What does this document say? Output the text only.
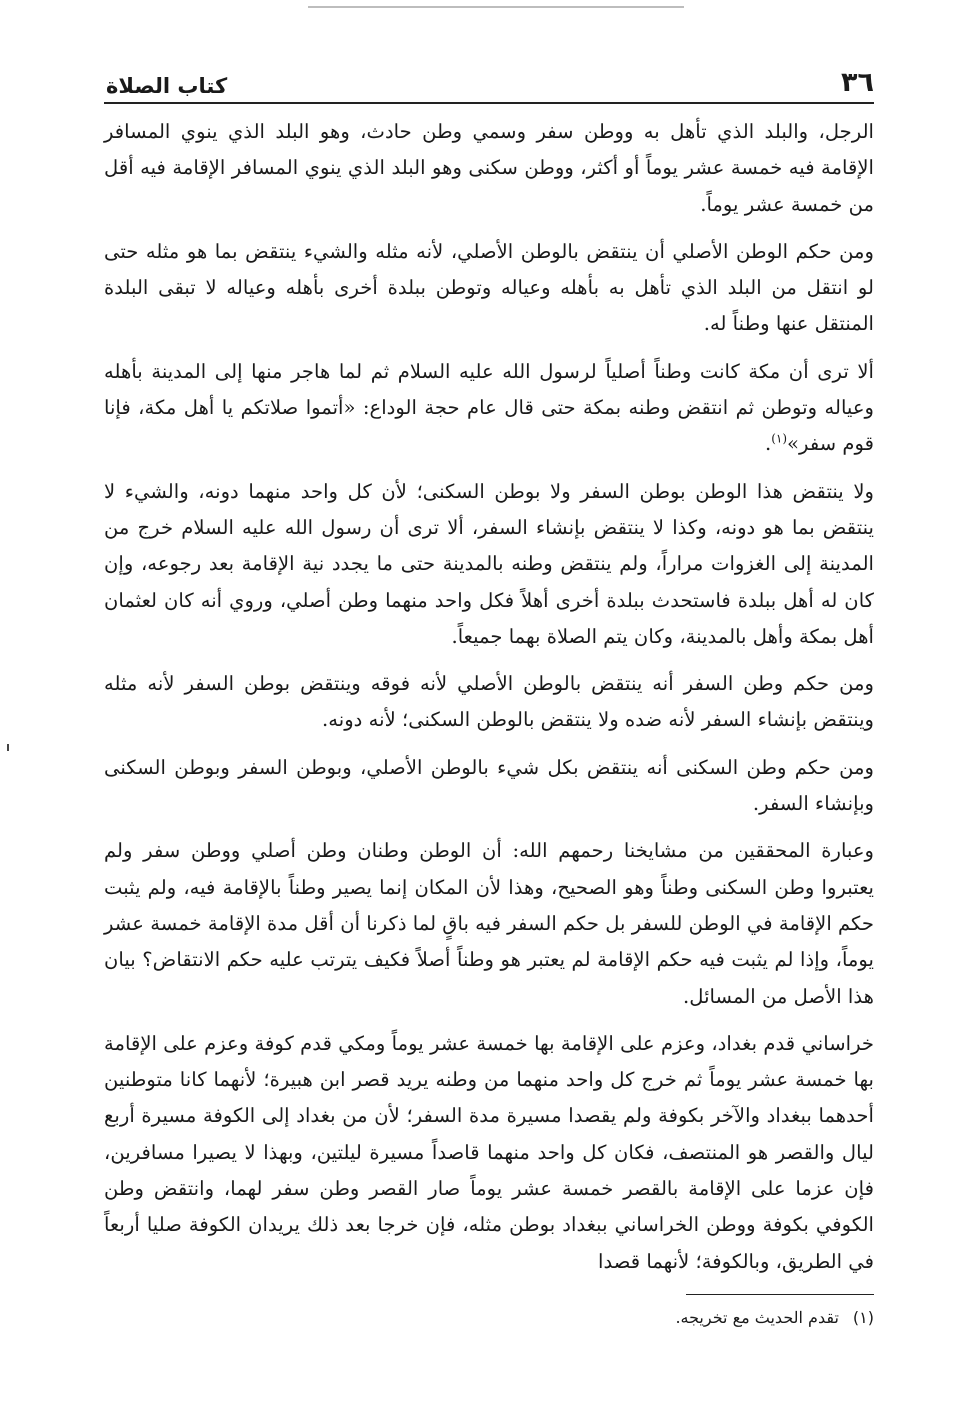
٣٦
كتاب الصلاة

الرجل، والبلد الذي تأهل به ووطن سفر وسمي وطن حادث، وهو البلد الذي ينوي المسافر الإقامة فيه خمسة عشر يوماً أو أكثر، ووطن سكنى وهو البلد الذي ينوي المسافر الإقامة فيه أقل من خمسة عشر يوماً.

ومن حكم الوطن الأصلي أن ينتقض بالوطن الأصلي، لأنه مثله والشيء ينتقض بما هو مثله حتى لو انتقل من البلد الذي تأهل به بأهله وعياله وتوطن ببلدة أخرى بأهله وعياله لا تبقى البلدة المنتقل عنها وطناً له.

ألا ترى أن مكة كانت وطناً أصلياً لرسول الله عليه السلام ثم لما هاجر منها إلى المدينة بأهله وعياله وتوطن ثم انتقض وطنه بمكة حتى قال عام حجة الوداع: «أتموا صلاتكم يا أهل مكة، فإنا قوم سفر»$^{(١)}$.

ولا ينتقض هذا الوطن بوطن السفر ولا بوطن السكنى؛ لأن كل واحد منهما دونه، والشيء لا ينتقض بما هو دونه، وكذا لا ينتقض بإنشاء السفر، ألا ترى أن رسول الله عليه السلام خرج من المدينة إلى الغزوات مراراً، ولم ينتقض وطنه بالمدينة حتى ما يجدد نية الإقامة بعد رجوعه، وإن كان له أهل ببلدة فاستحدث ببلدة أخرى أهلاً فكل واحد منهما وطن أصلي، وروي أنه كان لعثمان أهل بمكة وأهل بالمدينة، وكان يتم الصلاة بهما جميعاً.

ومن حكم وطن السفر أنه ينتقض بالوطن الأصلي لأنه فوقه وينتقض بوطن السفر لأنه مثله وينتقض بإنشاء السفر لأنه ضده ولا ينتقض بالوطن السكنى؛ لأنه دونه.

ومن حكم وطن السكنى أنه ينتقض بكل شيء بالوطن الأصلي، وبوطن السفر وبوطن السكنى وبإنشاء السفر.

وعبارة المحققين من مشايخنا رحمهم الله: أن الوطن وطنان وطن أصلي ووطن سفر ولم يعتبروا وطن السكنى وطناً وهو الصحيح، وهذا لأن المكان إنما يصير وطناً بالإقامة فيه، ولم يثبت حكم الإقامة في الوطن للسفر بل حكم السفر فيه باقٍ لما ذكرنا أن أقل مدة الإقامة خمسة عشر يوماً، وإذا لم يثبت فيه حكم الإقامة لم يعتبر هو وطناً أصلاً فكيف يترتب عليه حكم الانتقاض؟ بيان هذا الأصل من المسائل.

خراساني قدم بغداد، وعزم على الإقامة بها خمسة عشر يوماً ومكي قدم كوفة وعزم على الإقامة بها خمسة عشر يوماً ثم خرج كل واحد منهما من وطنه يريد قصر ابن هبيرة؛ لأنهما كانا متوطنين أحدهما ببغداد والآخر بكوفة ولم يقصدا مسيرة مدة السفر؛ لأن من بغداد إلى الكوفة مسيرة أربع ليال والقصر هو المنتصف، فكان كل واحد منهما قاصداً مسيرة ليلتين، وبهذا لا يصيرا مسافرين، فإن عزما على الإقامة بالقصر خمسة عشر يوماً صار القصر وطن سفر لهما، وانتقض وطن الكوفي بكوفة ووطن الخراساني ببغداد بوطن مثله، فإن خرجا بعد ذلك يريدان الكوفة صليا أربعاً في الطريق، وبالكوفة؛ لأنهما قصدا

(١)تقدم الحديث مع تخريجه.
